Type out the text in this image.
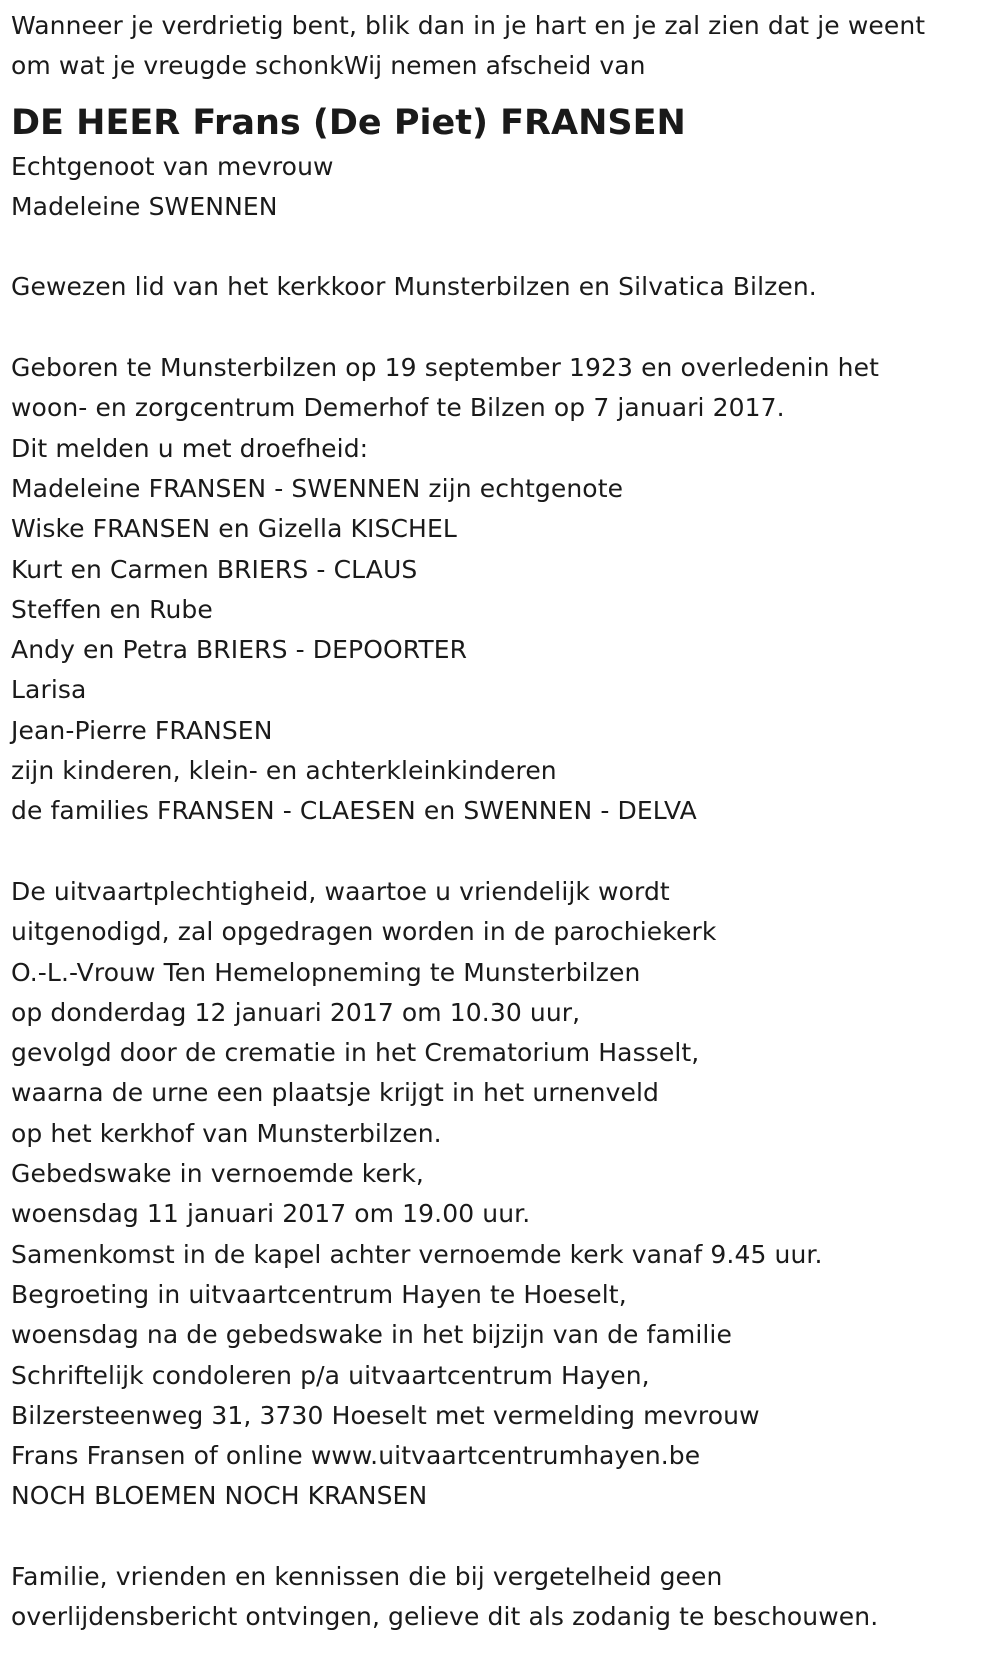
Wanneer je verdrietig bent, blik dan in je hart en je zal zien dat je weent
om wat je vreugde schonkWij nemen afscheid van
DE HEER Frans (De Piet) FRANSEN
Echtgenoot van mevrouw
Madeleine SWENNEN
Gewezen lid van het kerkkoor Munsterbilzen en Silvatica Bilzen.
Geboren te Munsterbilzen op 19 september 1923 en overledenin het
woon- en zorgcentrum Demerhof te Bilzen op 7 januari 2017.
Dit melden u met droefheid:
Madeleine FRANSEN - SWENNEN zijn echtgenote
Wiske FRANSEN en Gizella KISCHEL
Kurt en Carmen BRIERS - CLAUS
Steffen en Rube
Andy en Petra BRIERS - DEPOORTER
Larisa
Jean-Pierre FRANSEN
zijn kinderen, klein- en achterkleinkinderen
de families FRANSEN - CLAESEN en SWENNEN - DELVA
De uitvaartplechtigheid, waartoe u vriendelijk wordt
uitgenodigd, zal opgedragen worden in de parochiekerk
O.-L.-Vrouw Ten Hemelopneming te Munsterbilzen
op donderdag 12 januari 2017 om 10.30 uur,
gevolgd door de crematie in het Crematorium Hasselt,
waarna de urne een plaatsje krijgt in het urnenveld
op het kerkhof van Munsterbilzen.
Gebedswake in vernoemde kerk,
woensdag 11 januari 2017 om 19.00 uur.
Samenkomst in de kapel achter vernoemde kerk vanaf 9.45 uur.
Begroeting in uitvaartcentrum Hayen te Hoeselt,
woensdag na de gebedswake in het bijzijn van de familie
Schriftelijk condoleren p/a uitvaartcentrum Hayen,
Bilzersteenweg 31, 3730 Hoeselt met vermelding mevrouw
Frans Fransen of online www.uitvaartcentrumhayen.be
NOCH BLOEMEN NOCH KRANSEN
Familie, vrienden en kennissen die bij vergetelheid geen
overlijdensbericht ontvingen, gelieve dit als zodanig te beschouwen.
